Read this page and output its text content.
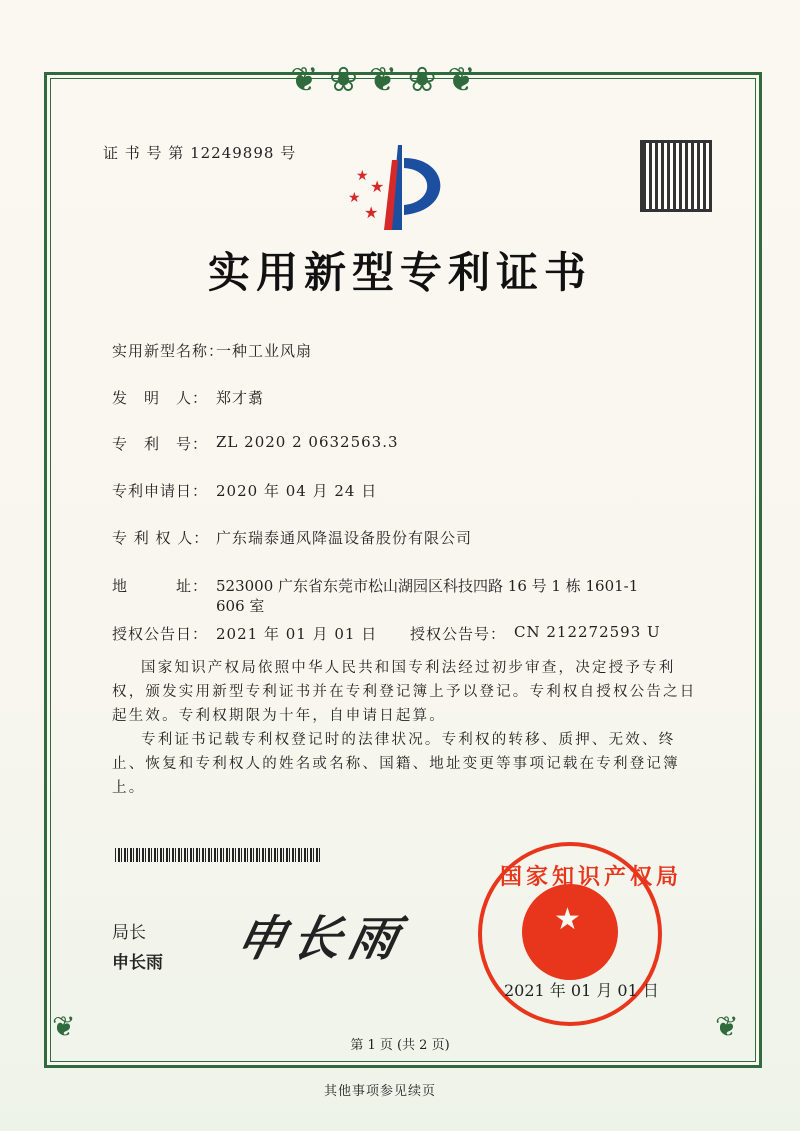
❦ ❀ ❦ ❀ ❦
❦	❦
证 书 号 第 12249898 号
★
★
★
★
实用新型专利证书
实用新型名称：
一种工业风扇
发　明　人： 郑才翥
专　利　号： ZL 2020 2 0632563.3
专利申请日： 2020 年 04 月 24 日
专 利 权 人： 广东瑞泰通风降温设备股份有限公司
地　　　址： 523000 广东省东莞市松山湖园区科技四路 16 号 1 栋 1601-1
606 室
授权公告日： 2021 年 01 月 01 日 授权公告号： CN 212272593 U
国家知识产权局依照中华人民共和国专利法经过初步审查，决定授予专利权，颁发实用新型专利证书并在专利登记簿上予以登记。专利权自授权公告之日起生效。专利权期限为十年，自申请日起算。
专利证书记载专利权登记时的法律状况。专利权的转移、质押、无效、终止、恢复和专利权人的姓名或名称、国籍、地址变更等事项记载在专利登记簿上。
局长
申长雨 申长雨	★
国家知识产权局
2021 年 01 月 01 日
第 1 页 (共 2 页)
其他事项参见续页
